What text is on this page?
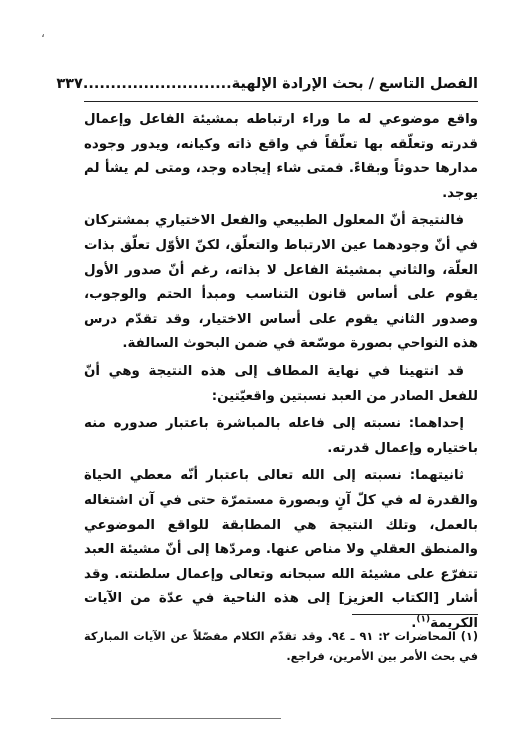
،
الفصل التاسع / بحث الإرادة الإلهية
...........................
٣٣٧

واقع موضوعي له ما وراء ارتباطه بمشيئة الفاعل وإعمال قدرته وتعلّقه بها تعلّقاً في واقع ذاته وكيانه، ويدور وجوده مدارها حدوثاً وبقاءً. فمتى شاء إيجاده وجد، ومتى لم يشأ لم يوجد.

فالنتيجة أنّ المعلول الطبيعي والفعل الاختياري بمشتركان في أنّ وجودهما عين الارتباط والتعلّق، لكنّ الأوّل تعلّق بذات العلّة، والثاني بمشيئة الفاعل لا بذاته، رغم أنّ صدور الأول يقوم على أساس قانون التناسب ومبدأ الحتم والوجوب، وصدور الثاني يقوم على أساس الاختيار، وقد تقدّم درس هذه النواحي بصورة موسّعة في ضمن البحوث السالفة.

قد انتهينا في نهاية المطاف إلى هذه النتيجة وهي أنّ للفعل الصادر من العبد نسبتين واقعيّتين:

إحداهما: نسبته إلى فاعله بالمباشرة باعتبار صدوره منه باختياره وإعمال قدرته.

ثانيتهما: نسبته إلى الله تعالى باعتبار أنّه معطي الحياة والقدرة له في كلّ آنٍ وبصورة مستمرّة حتى في آن اشتغاله بالعمل، وتلك النتيجة هي المطابقة للواقع الموضوعي والمنطق العقلي ولا مناص عنها. ومردّها إلى أنّ مشيئة العبد تتفرّع على مشيئة الله سبحانه وتعالى وإعمال سلطنته. وقد أشار [الكتاب العزيز] إلى هذه الناحية في عدّة من الآيات الكريمة$^{(١)}$.

(١) المحاضرات ٢: ٩١ ـ ٩٤. وقد تقدّم الكلام مفصّلاً عن الآيات المباركة في بحث الأمر بين الأمرين، فراجع.
